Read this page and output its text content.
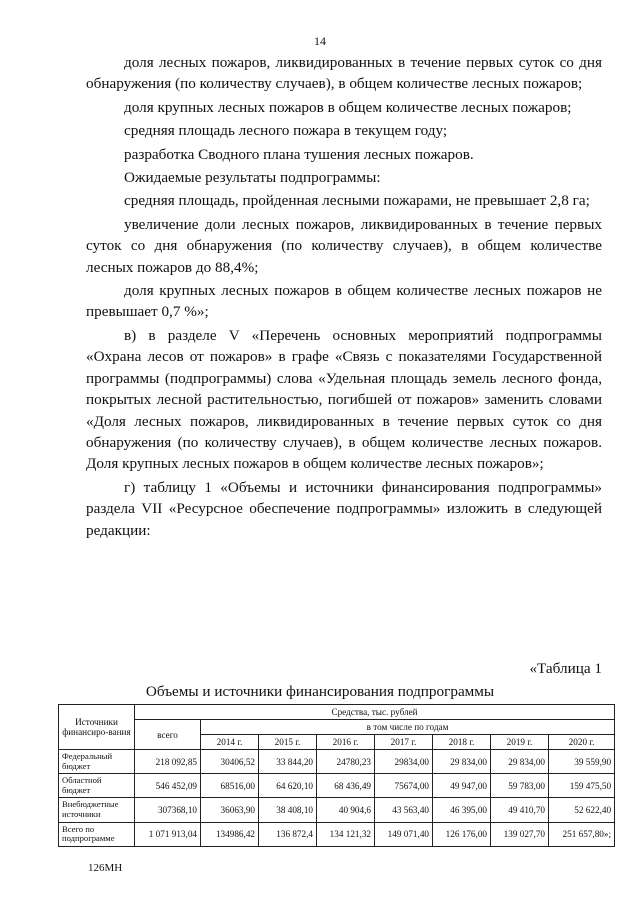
14

доля лесных пожаров, ликвидированных в течение первых суток со дня обнаружения (по количеству случаев), в общем количестве лесных пожаров;

доля крупных лесных пожаров в общем количестве лесных пожаров;

средняя площадь лесного пожара в текущем году;

разработка Сводного плана тушения лесных пожаров.

Ожидаемые результаты подпрограммы:

средняя площадь, пройденная лесными пожарами, не превышает 2,8 га;

увеличение доли лесных пожаров, ликвидированных в течение первых суток со дня обнаружения (по количеству случаев), в общем количестве лесных пожаров до 88,4%;

доля крупных лесных пожаров в общем количестве лесных пожаров не превышает 0,7 %»;

в) в разделе V «Перечень основных мероприятий подпрограммы «Охрана лесов от пожаров» в графе «Связь с показателями Государственной программы (подпрограммы) слова «Удельная площадь земель лесного фонда, покрытых лесной растительностью, погибшей от пожаров» заменить словами «Доля лесных пожаров, ликвидированных в течение первых суток со дня обнаружения (по количеству случаев), в общем количестве лесных пожаров. Доля крупных лесных пожаров в общем количестве лесных пожаров»;

г) таблицу 1 «Объемы и источники финансирования подпрограммы» раздела VII «Ресурсное обеспечение подпрограммы» изложить в следующей редакции:

«Таблица 1
Объемы и источники финансирования подпрограммы
Источники финансиро-вания	Средства, тыс. рублей							
	всего	в том числе по годам						
		2014 г.	2015 г.	2016 г.	2017 г.	2018 г.	2019 г.	2020 г.
Федеральный бюджет	218 092,85	30406,52	33 844,20	24780,23	29834,00	29 834,00	29 834,00	39 559,90
Областной бюджет	546 452,09	68516,00	64 620,10	68 436,49	75674,00	49 947,00	59 783,00	159 475,50
Внебюджетные источники	307368,10	36063,90	38 408,10	40 904,6	43 563,40	46 395,00	49 410,70	52 622,40
Всего по подпрограмме	1 071 913,04	134986,42	136 872,4	134 121,32	149 071,40	126 176,00	139 027,70	251 657,80»;
126МН
